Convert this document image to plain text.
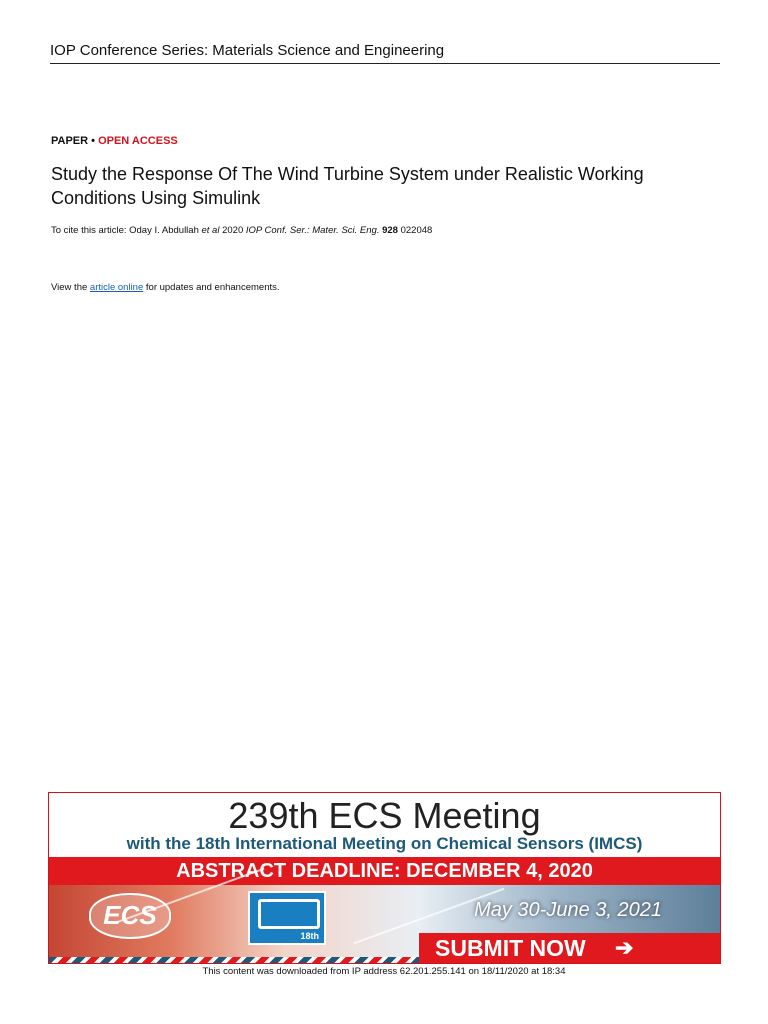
IOP Conference Series: Materials Science and Engineering
PAPER • OPEN ACCESS
Study the Response Of The Wind Turbine System under Realistic Working Conditions Using Simulink
To cite this article: Oday I. Abdullah et al 2020 IOP Conf. Ser.: Mater. Sci. Eng. 928 022048
View the article online for updates and enhancements.
239th ECS Meeting
with the 18th International Meeting on Chemical Sensors (IMCS)
ABSTRACT DEADLINE: DECEMBER 4, 2020
ECS
18th
May 30-June 3, 2021
SUBMIT NOW ➔
This content was downloaded from IP address 62.201.255.141 on 18/11/2020 at 18:34
